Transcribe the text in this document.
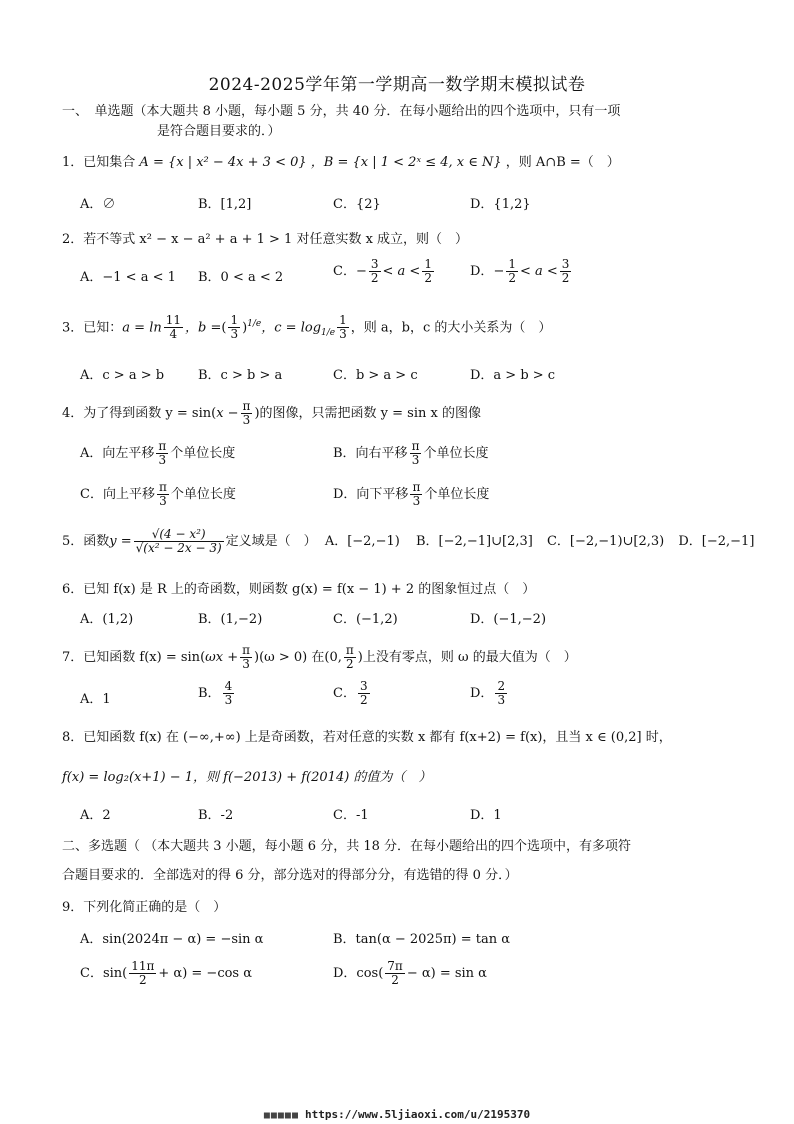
2024-2025学年第一学期高一数学期末模拟试卷
一、　单选题（本大题共 8 小题，每小题 5 分，共 40 分．在每小题给出的四个选项中，只有一项
是符合题目要求的．）
1．已知集合 A = {x | x² − 4x + 3 < 0} ，B = {x | 1 < 2ˣ ≤ 4, x ∈ N} ，则 A∩B =（　）
A．∅	B．[1,2]	C．{2}	D．{1,2}
2．若不等式 x² − x − a² + a + 1 > 1 对任意实数 x 成立，则（　）
A．−1 < a < 1 B．0 < a < 2	C．− $\frac{3}{2} < a < \frac{1}{2}$	D．− $\frac{1}{2} < a < \frac{3}{2}$
3．已知：$a = \ln \frac{11}{4}$ ，b =( $\frac{1}{3} )^{1/e}$，$c = \log_{1/e} \frac{1}{3}$ ，则 a，b，c 的大小关系为（　）
A．c > a > b	B．c > b > a	C．b > a > c	D．a > b > c
4．为了得到函数 $y = \sin(x - \frac{\pi}{3}$ )的图像，只需把函数 y = sin x 的图像
A．向左平移 $\frac{\pi}{3}$ 个单位长度	B．向右平移 $\frac{\pi}{3}$ 个单位长度
C．向上平移 $\frac{\pi}{3}$ 个单位长度	D．向下平移 $\frac{\pi}{3}$ 个单位长度
5．函数$y = \frac{\text{√(4 − x²)}}{\text{√(x² − 2x − 3)}}$ 定义域是（　） A．[−2,−1) B．[−2,−1]∪[2,3] C．[−2,−1)∪[2,3) D．[−2,−1]
6．已知 f(x) 是 R 上的奇函数，则函数 g(x) = f(x − 1) + 2 的图象恒过点（　）
A．(1,2)	B．(1,−2)	C．(−1,2)	D．(−1,−2)
7．已知函数 $f(x) = \sin(\omega x + \frac{\pi}{3} )(\omega > 0)$ 在(0, $\frac{\pi}{2}$ )上没有零点，则 ω 的最大值为（　）
A．1	B． $\frac{4}{3}$	C． $\frac{3}{2}$	D． $\frac{2}{3}$
8．已知函数 f(x) 在 (−∞,+∞) 上是奇函数，若对任意的实数 x 都有 f(x+2) = f(x)，且当 x ∈ (0,2] 时，
f(x) = log₂(x+1) − 1，则 f(−2013) + f(2014) 的值为（　）
A．2	B．-2	C．-1	D．1
二、多选题（ （本大题共 3 小题，每小题 6 分，共 18 分．在每小题给出的四个选项中，有多项符
合题目要求的．全部选对的得 6 分，部分选对的得部分分，有选错的得 0 分．）
9．下列化简正确的是（　）
A．sin(2024π − α) = −sin α	B．tan(α − 2025π) = tan α
C．$\sin( \frac{11\pi}{2} + \alpha) = -\cos$ α	D．$\cos( \frac{7\pi}{2} - \alpha) = \sin \alpha$
■■■■■ https://www.5ljiaoxi.com/u/2195370
